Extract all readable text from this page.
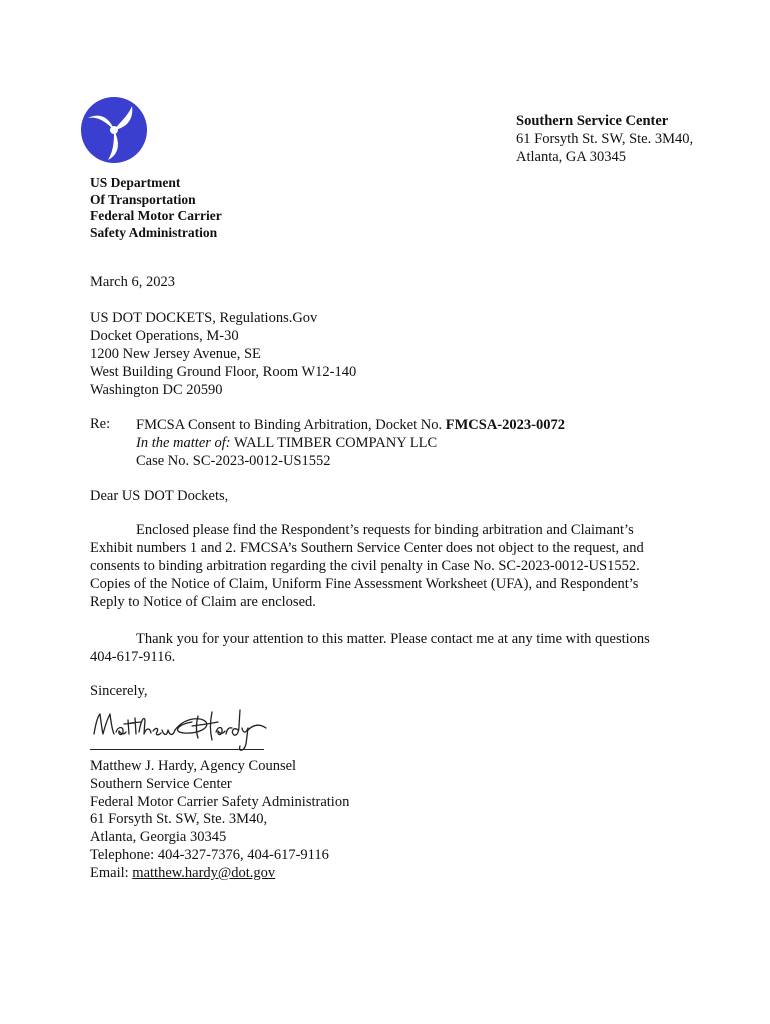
Southern Service Center
61 Forsyth St. SW, Ste. 3M40,
Atlanta, GA 30345
US Department
Of Transportation
Federal Motor Carrier
Safety Administration
March 6, 2023
US DOT DOCKETS, Regulations.Gov
Docket Operations, M-30
1200 New Jersey Avenue, SE
West Building Ground Floor, Room W12-140
Washington DC 20590
Re: FMCSA Consent to Binding Arbitration, Docket No. FMCSA-2023-0072
In the matter of: WALL TIMBER COMPANY LLC
Case No. SC-2023-0012-US1552
Dear US DOT Dockets,
Enclosed please find the Respondent’s requests for binding arbitration and Claimant’s
Exhibit numbers 1 and 2. FMCSA’s Southern Service Center does not object to the request, and
consents to binding arbitration regarding the civil penalty in Case No. SC-2023-0012-US1552.
Copies of the Notice of Claim, Uniform Fine Assessment Worksheet (UFA), and Respondent’s
Reply to Notice of Claim are enclosed.
Thank you for your attention to this matter. Please contact me at any time with questions
404-617-9116.
Sincerely,
Matthew J. Hardy, Agency Counsel
Southern Service Center
Federal Motor Carrier Safety Administration
61 Forsyth St. SW, Ste. 3M40,
Atlanta, Georgia 30345
Telephone: 404-327-7376, 404-617-9116
Email: matthew.hardy@dot.gov
